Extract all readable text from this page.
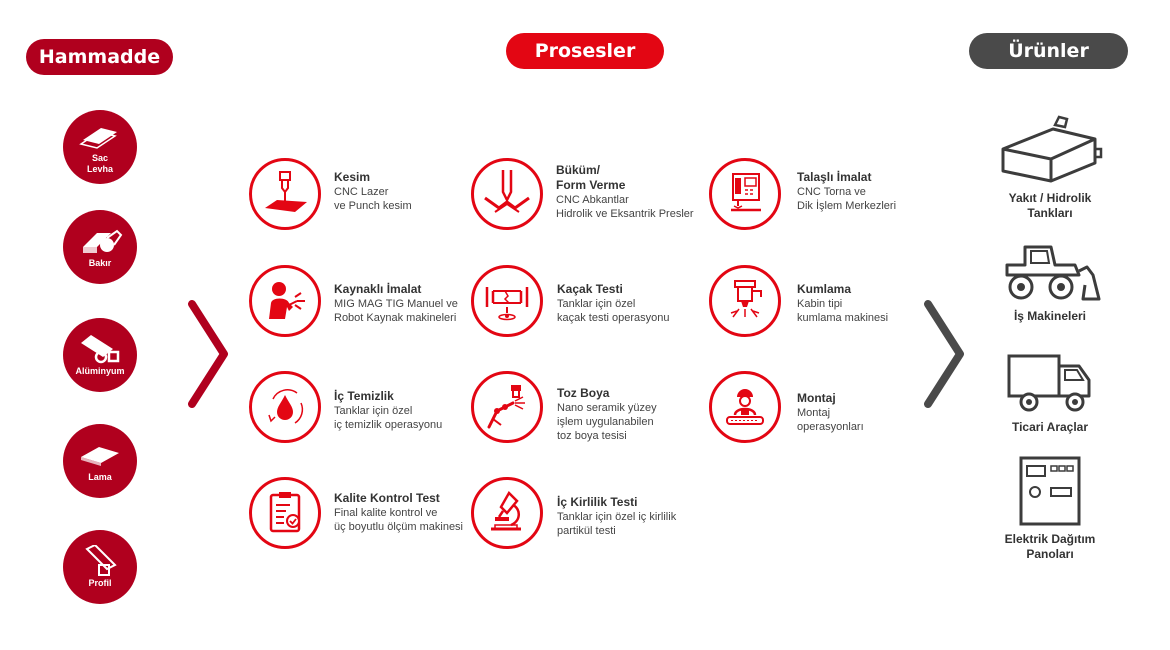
Hammadde	Prosesler	Ürünler
Sac
Levha
Bakır
Alüminyum
Lama
Profil
Kesim
CNC Lazer
ve Punch kesim
Büküm/
Form Verme
CNC Abkantlar
Hidrolik ve Eksantrik Presler
Talaşlı İmalat
CNC Torna ve
Dik İşlem Merkezleri
Kaynaklı İmalat
MIG MAG TIG Manuel ve
Robot Kaynak makineleri
Kaçak Testi
Tanklar için özel
kaçak testi operasyonu
Kumlama
Kabin tipi
kumlama makinesi
İç Temizlik
Tanklar için özel
iç temizlik operasyonu
Toz Boya
Nano seramik yüzey
işlem uygulanabilen
toz boya tesisi
Montaj
Montaj
operasyonları
Kalite Kontrol Test
Final kalite kontrol ve
üç boyutlu ölçüm makinesi
İç Kirlilik Testi
Tanklar için özel iç kirlilik
partikül testi
Yakıt / Hidrolik
Tankları
İş Makineleri
Ticari Araçlar
Elektrik Dağıtım
Panoları
